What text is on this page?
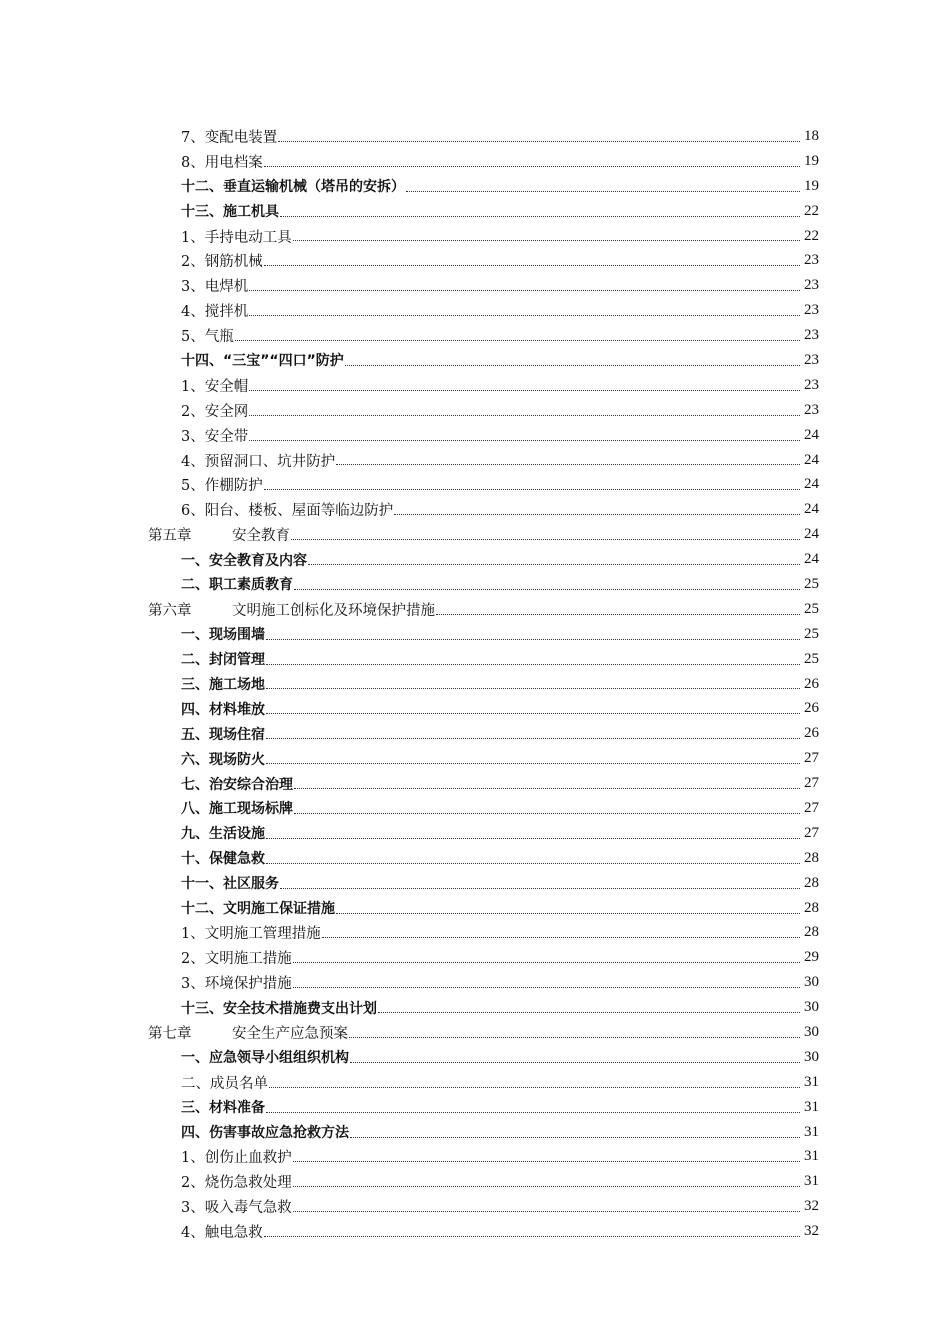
7、变配电装置	18
8、用电档案	19
十二、垂直运输机械（塔吊的安拆）	19
十三、施工机具	22
1、手持电动工具	22
2、钢筋机械	23
3、电焊机	23
4、搅拌机	23
5、气瓶	23
十四、“三宝”“四口”防护	23
1、安全帽	23
2、安全网	23
3、安全带	24
4、预留洞口、坑井防护	24
5、作棚防护	24
6、阳台、楼板、屋面等临边防护	24
第五章	安全教育	24
一、安全教育及内容	24
二、职工素质教育	25
第六章	文明施工创标化及环境保护措施	25
一、现场围墙	25
二、封闭管理	25
三、施工场地	26
四、材料堆放	26
五、现场住宿	26
六、现场防火	27
七、治安综合治理	27
八、施工现场标牌	27
九、生活设施	27
十、保健急救	28
十一、社区服务	28
十二、文明施工保证措施	28
1、文明施工管理措施	28
2、文明施工措施	29
3、环境保护措施	30
十三、安全技术措施费支出计划	30
第七章	安全生产应急预案	30
一、应急领导小组组织机构	30
二、成员名单	31
三、材料准备	31
四、伤害事故应急抢救方法	31
1、创伤止血救护	31
2、烧伤急救处理	31
3、吸入毒气急救	32
4、触电急救	32
